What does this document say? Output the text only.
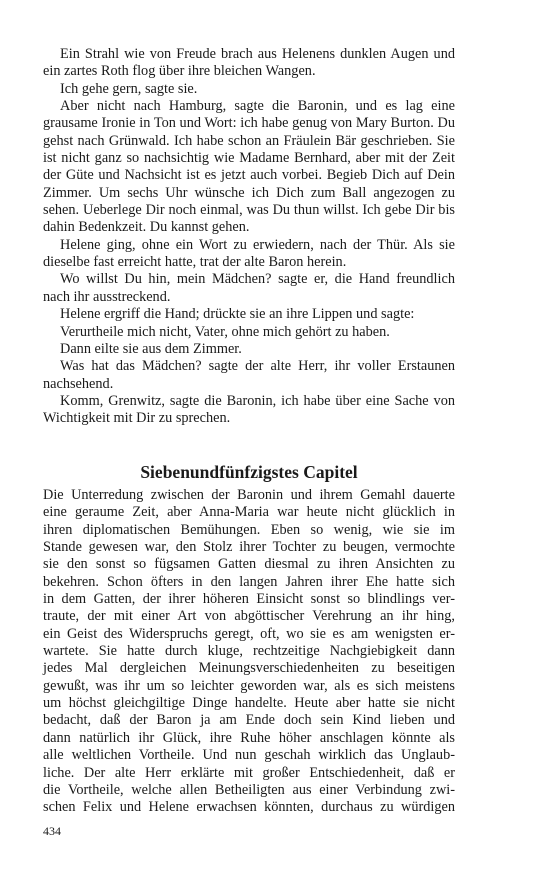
Ein Strahl wie von Freude brach aus Helenens dunklen Augen und ein zartes Roth flog über ihre bleichen Wangen.

Ich gehe gern, sagte sie.

Aber nicht nach Hamburg, sagte die Baronin, und es lag eine grausame Ironie in Ton und Wort: ich habe genug von Mary Burton. Du gehst nach Grünwald. Ich habe schon an Fräulein Bär geschrieben. Sie ist nicht ganz so nachsichtig wie Madame Bernhard, aber mit der Zeit der Güte und Nachsicht ist es jetzt auch vorbei. Begieb Dich auf Dein Zimmer. Um sechs Uhr wünsche ich Dich zum Ball angezogen zu sehen. Ueberlege Dir noch einmal, was Du thun willst. Ich gebe Dir bis dahin Bedenkzeit. Du kannst gehen.

Helene ging, ohne ein Wort zu erwiedern, nach der Thür. Als sie dieselbe fast erreicht hatte, trat der alte Baron herein.

Wo willst Du hin, mein Mädchen? sagte er, die Hand freundlich nach ihr ausstreckend.

Helene ergriff die Hand; drückte sie an ihre Lippen und sagte:

Verurtheile mich nicht, Vater, ohne mich gehört zu haben.

Dann eilte sie aus dem Zimmer.

Was hat das Mädchen? sagte der alte Herr, ihr voller Erstaunen nachsehend.

Komm, Grenwitz, sagte die Baronin, ich habe über eine Sache von Wichtigkeit mit Dir zu sprechen.

Siebenundfünfzigstes Capitel

Die Unterredung zwischen der Baronin und ihrem Gemahl dauerte
eine geraume Zeit, aber Anna-Maria war heute nicht glücklich in
ihren diplomatischen Bemühungen. Eben so wenig, wie sie im
Stande gewesen war, den Stolz ihrer Tochter zu beugen, vermochte
sie den sonst so fügsamen Gatten diesmal zu ihren Ansichten zu
bekehren. Schon öfters in den langen Jahren ihrer Ehe hatte sich
in dem Gatten, der ihrer höheren Einsicht sonst so blindlings ver-
traute, der mit einer Art von abgöttischer Verehrung an ihr hing,
ein Geist des Widerspruchs geregt, oft, wo sie es am wenigsten er-
wartete. Sie hatte durch kluge, rechtzeitige Nachgiebigkeit dann
jedes Mal dergleichen Meinungsverschiedenheiten zu beseitigen
gewußt, was ihr um so leichter geworden war, als es sich meistens
um höchst gleichgiltige Dinge handelte. Heute aber hatte sie nicht
bedacht, daß der Baron ja am Ende doch sein Kind lieben und
dann natürlich ihr Glück, ihre Ruhe höher anschlagen könnte als
alle weltlichen Vortheile. Und nun geschah wirklich das Unglaub-
liche. Der alte Herr erklärte mit großer Entschiedenheit, daß er
die Vortheile, welche allen Betheiligten aus einer Verbindung zwi-
schen Felix und Helene erwachsen könnten, durchaus zu würdigen

434
